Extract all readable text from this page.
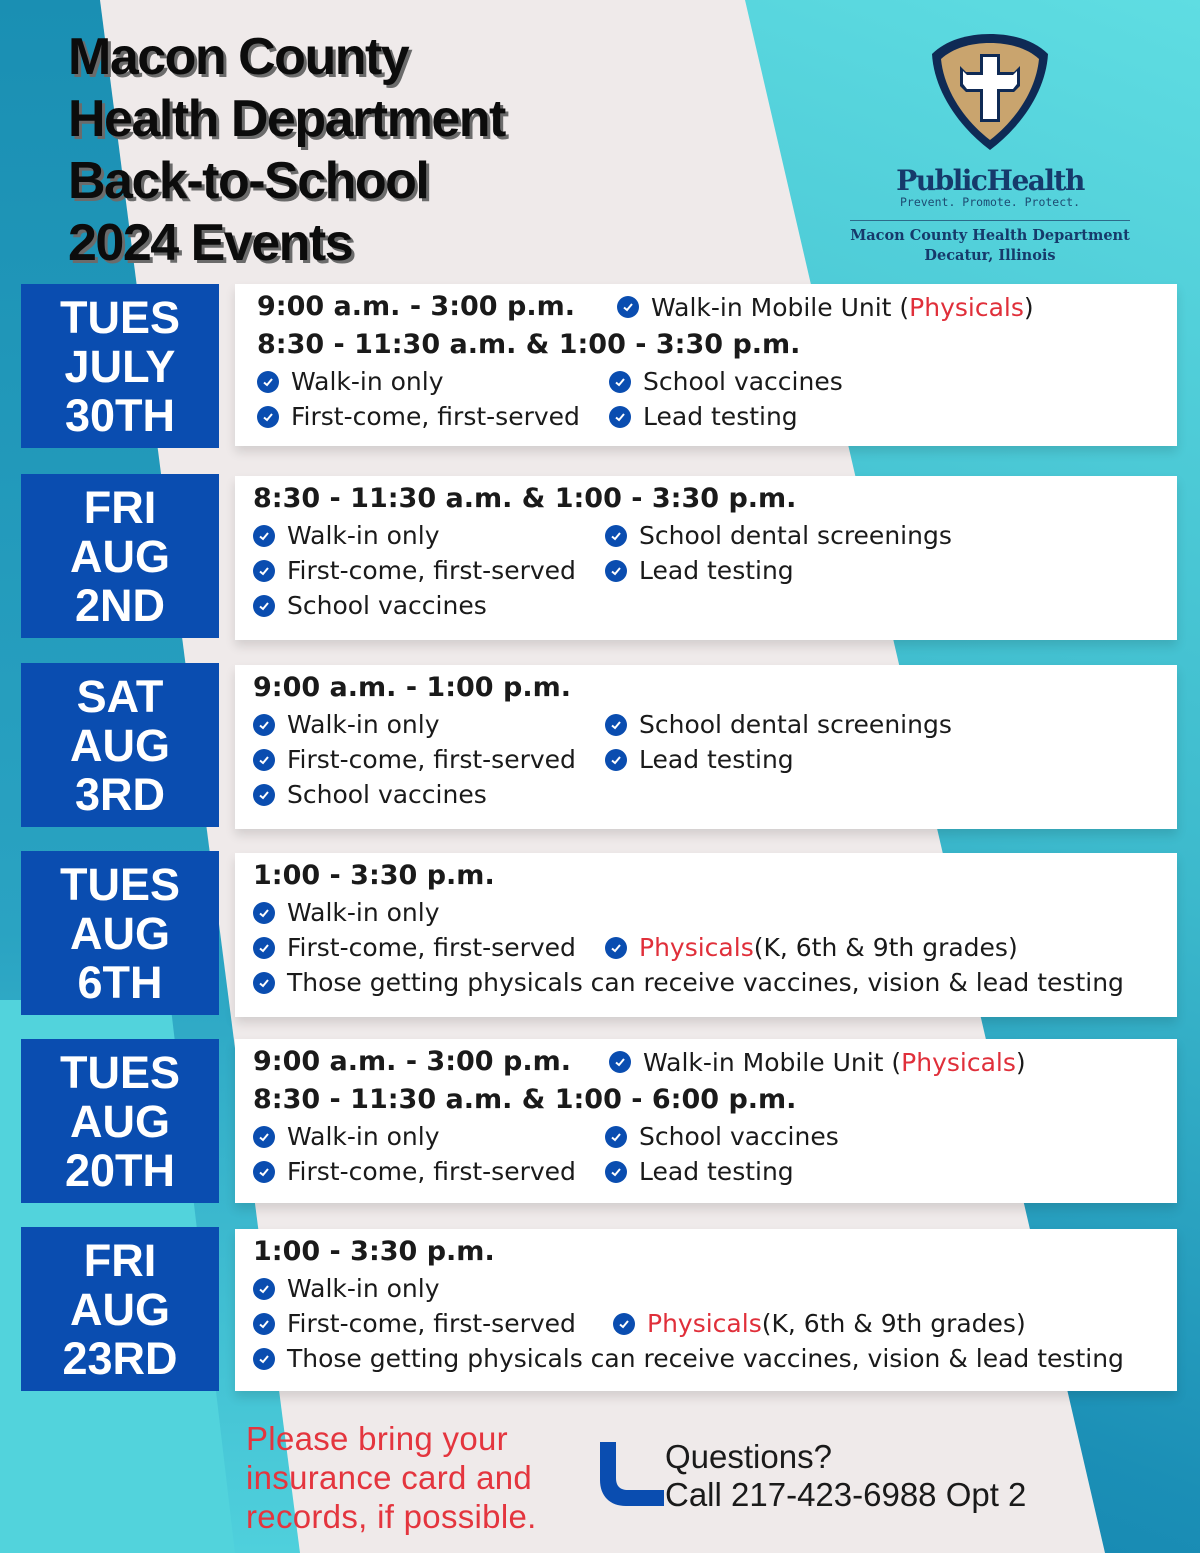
Macon County
Health Department
Back-to-School
2024 Events
PublicHealth
Prevent. Promote. Protect.
Macon County Health Department
Decatur, Illinois
TUES
JULY
30TH
9:00 a.m. - 3:00 p.m.	Walk-in Mobile Unit ( Physicals )
8:30 - 11:30 a.m. & 1:00 - 3:30 p.m.
Walk-in only	School vaccines
First-come, first-served	Lead testing
FRI
AUG
2ND
8:30 - 11:30 a.m. & 1:00 - 3:30 p.m.
Walk-in only	School dental screenings
First-come, first-served	Lead testing
School vaccines
SAT
AUG
3RD
9:00 a.m. - 1:00 p.m.
Walk-in only	School dental screenings
First-come, first-served	Lead testing
School vaccines
TUES
AUG
6TH
1:00 - 3:30 p.m.
Walk-in only
First-come, first-served	Physicals (K, 6th & 9th grades)
Those getting physicals can receive vaccines, vision & lead testing
TUES
AUG
20TH
9:00 a.m. - 3:00 p.m.	Walk-in Mobile Unit ( Physicals )
8:30 - 11:30 a.m. & 1:00 - 6:00 p.m.
Walk-in only	School vaccines
First-come, first-served	Lead testing
FRI
AUG
23RD
1:00 - 3:30 p.m.
Walk-in only
First-come, first-served	Physicals (K, 6th & 9th grades)
Those getting physicals can receive vaccines, vision & lead testing
Please bring your
insurance card and
records, if possible.
Questions?
Call 217-423-6988 Opt 2
